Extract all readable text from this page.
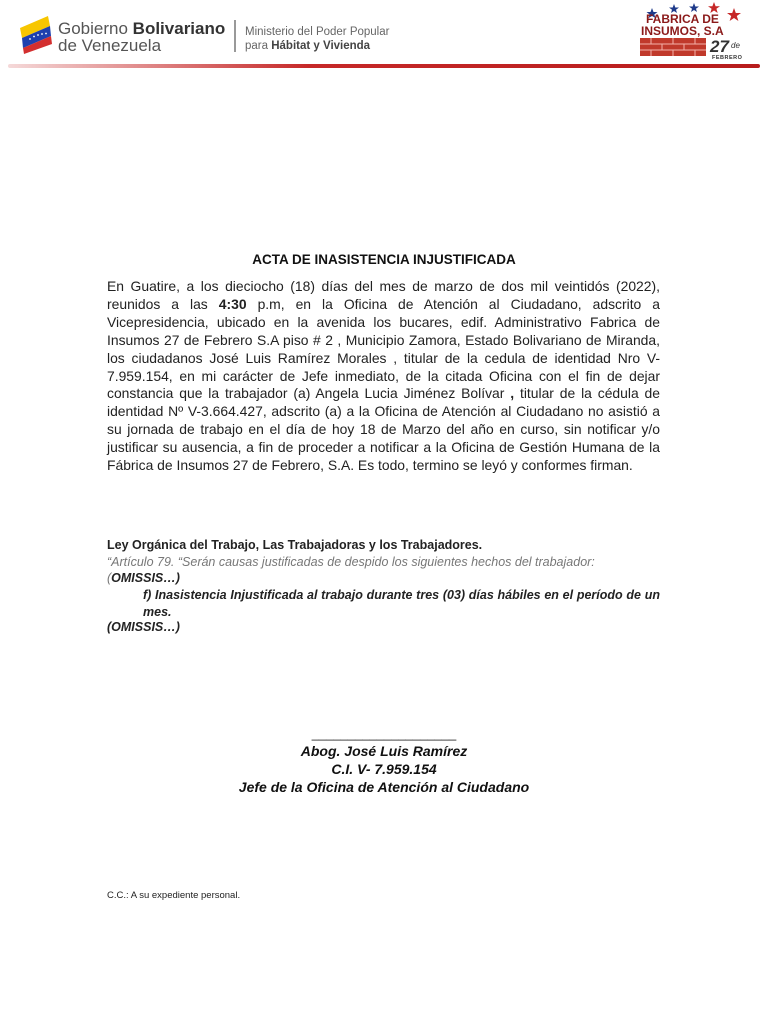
Gobierno Bolivariano
de Venezuela
Ministerio del Poder Popular
para Hábitat y Vivienda
FABRICA DE
INSUMOS, S.A
27 de
FEBRERO
ACTA DE INASISTENCIA INJUSTIFICADA
En Guatire, a los dieciocho (18) días del mes de marzo de dos mil veintidós (2022), reunidos a las 4:30 p.m, en la Oficina de Atención al Ciudadano, adscrito a Vicepresidencia, ubicado en la avenida los bucares, edif. Administrativo Fabrica de Insumos 27 de Febrero S.A piso # 2 , Municipio Zamora, Estado Bolivariano de Miranda, los ciudadanos José Luis Ramírez Morales , titular de la cedula de identidad Nro V- 7.959.154, en mi carácter de Jefe inmediato, de la citada Oficina con el fin de dejar constancia que la trabajador (a) Angela Lucia Jiménez Bolívar , titular de la cédula de identidad Nº V-3.664.427, adscrito (a) a la Oficina de Atención al Ciudadano no asistió a su jornada de trabajo en el día de hoy 18 de Marzo del año en curso, sin notificar y/o justificar su ausencia, a fin de proceder a notificar a la Oficina de Gestión Humana de la Fábrica de Insumos 27 de Febrero, S.A. Es todo, termino se leyó y conformes firman.
Ley Orgánica del Trabajo, Las Trabajadoras y los Trabajadores.
“Artículo 79. “Serán causas justificadas de despido los siguientes hechos del trabajador:
(OMISSIS…)
f) Inasistencia Injustificada al trabajo durante tres (03) días hábiles en el período de un mes.
(OMISSIS…)
____________________
Abog. José Luis Ramírez
C.I. V- 7.959.154
Jefe de la Oficina de Atención al Ciudadano
C.C.: A su expediente personal.
